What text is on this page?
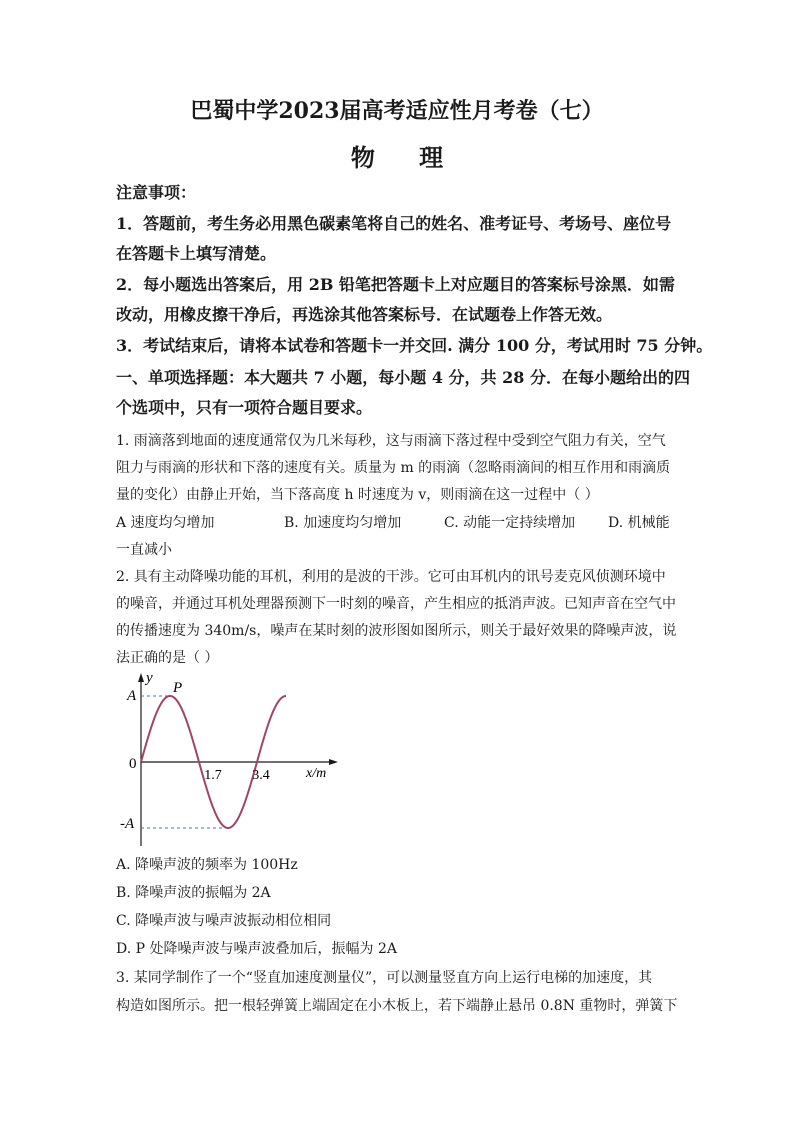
巴蜀中学2023届高考适应性月考卷（七）
物 理
注意事项：
1．答题前，考生务必用黑色碳素笔将自己的姓名、准考证号、考场号、座位号
在答题卡上填写清楚。
2．每小题选出答案后，用 2B 铅笔把答题卡上对应题目的答案标号涂黑．如需
改动，用橡皮擦干净后，再选涂其他答案标号．在试题卷上作答无效。
3．考试结束后，请将本试卷和答题卡一并交回. 满分 100 分，考试用时 75 分钟。
一、单项选择题：本大题共 7 小题，每小题 4 分，共 28 分．在每小题给出的四
个选项中，只有一项符合题目要求。
1. 雨滴落到地面的速度通常仅为几米每秒，这与雨滴下落过程中受到空气阻力有关，空气
阻力与雨滴的形状和下落的速度有关。质量为 m 的雨滴（忽略雨滴间的相互作用和雨滴质
量的变化）由静止开始，当下落高度 h 时速度为 v，则雨滴在这一过程中（ ）
A 速度均匀增加	B. 加速度均匀增加	C. 动能一定持续增加 D. 机械能
一直减小
2. 具有主动降噪功能的耳机，利用的是波的干涉。它可由耳机内的讯号麦克风侦测环境中
的噪音，并通过耳机处理器预测下一时刻的噪音，产生相应的抵消声波。已知声音在空气中
的传播速度为 340m/s，噪声在某时刻的波形图如图所示，则关于最好效果的降噪声波，说
法正确的是（ ）
y
P
A
0
1.7 3.4	x/m
-A
A. 降噪声波的频率为 100Hz
B. 降噪声波的振幅为 2A
C. 降噪声波与噪声波振动相位相同
D. P 处降噪声波与噪声波叠加后，振幅为 2A
3. 某同学制作了一个“竖直加速度测量仪”，可以测量竖直方向上运行电梯的加速度，其
构造如图所示。把一根轻弹簧上端固定在小木板上，若下端静止悬吊 0.8N 重物时，弹簧下
